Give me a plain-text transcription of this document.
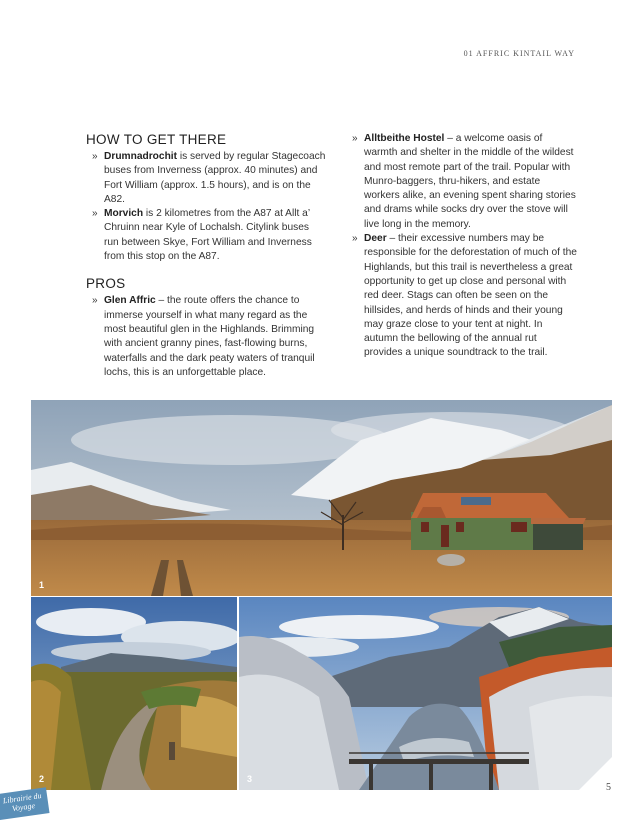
01 AFFRIC KINTAIL WAY
HOW TO GET THERE
» Drumnadrochit is served by regular Stagecoach buses from Inverness (approx. 40 minutes) and Fort William (approx. 1.5 hours), and is on the A82.
» Morvich is 2 kilometres from the A87 at Allt a’ Chruinn near Kyle of Lochalsh. Citylink buses run between Skye, Fort William and Inverness from this stop on the A87.
PROS
» Glen Affric – the route offers the chance to immerse yourself in what many regard as the most beautiful glen in the Highlands. Brimming with ancient granny pines, fast-flowing burns, waterfalls and the dark peaty waters of tranquil lochs, this is an unforgettable place.
» Alltbeithe Hostel – a welcome oasis of warmth and shelter in the middle of the wildest and most remote part of the trail. Popular with Munro-baggers, thru-hikers, and estate workers alike, an evening spent sharing stories and drams while socks dry over the stove will live long in the memory.
» Deer – their excessive numbers may be responsible for the deforestation of much of the Highlands, but this trail is nevertheless a great opportunity to get up close and personal with red deer. Stags can often be seen on the hillsides, and herds of hinds and their young may graze close to your tent at night. In autumn the bellowing of the annual rut provides a unique soundtrack to the trail.
1
2	3
5
Librairie du Voyage
